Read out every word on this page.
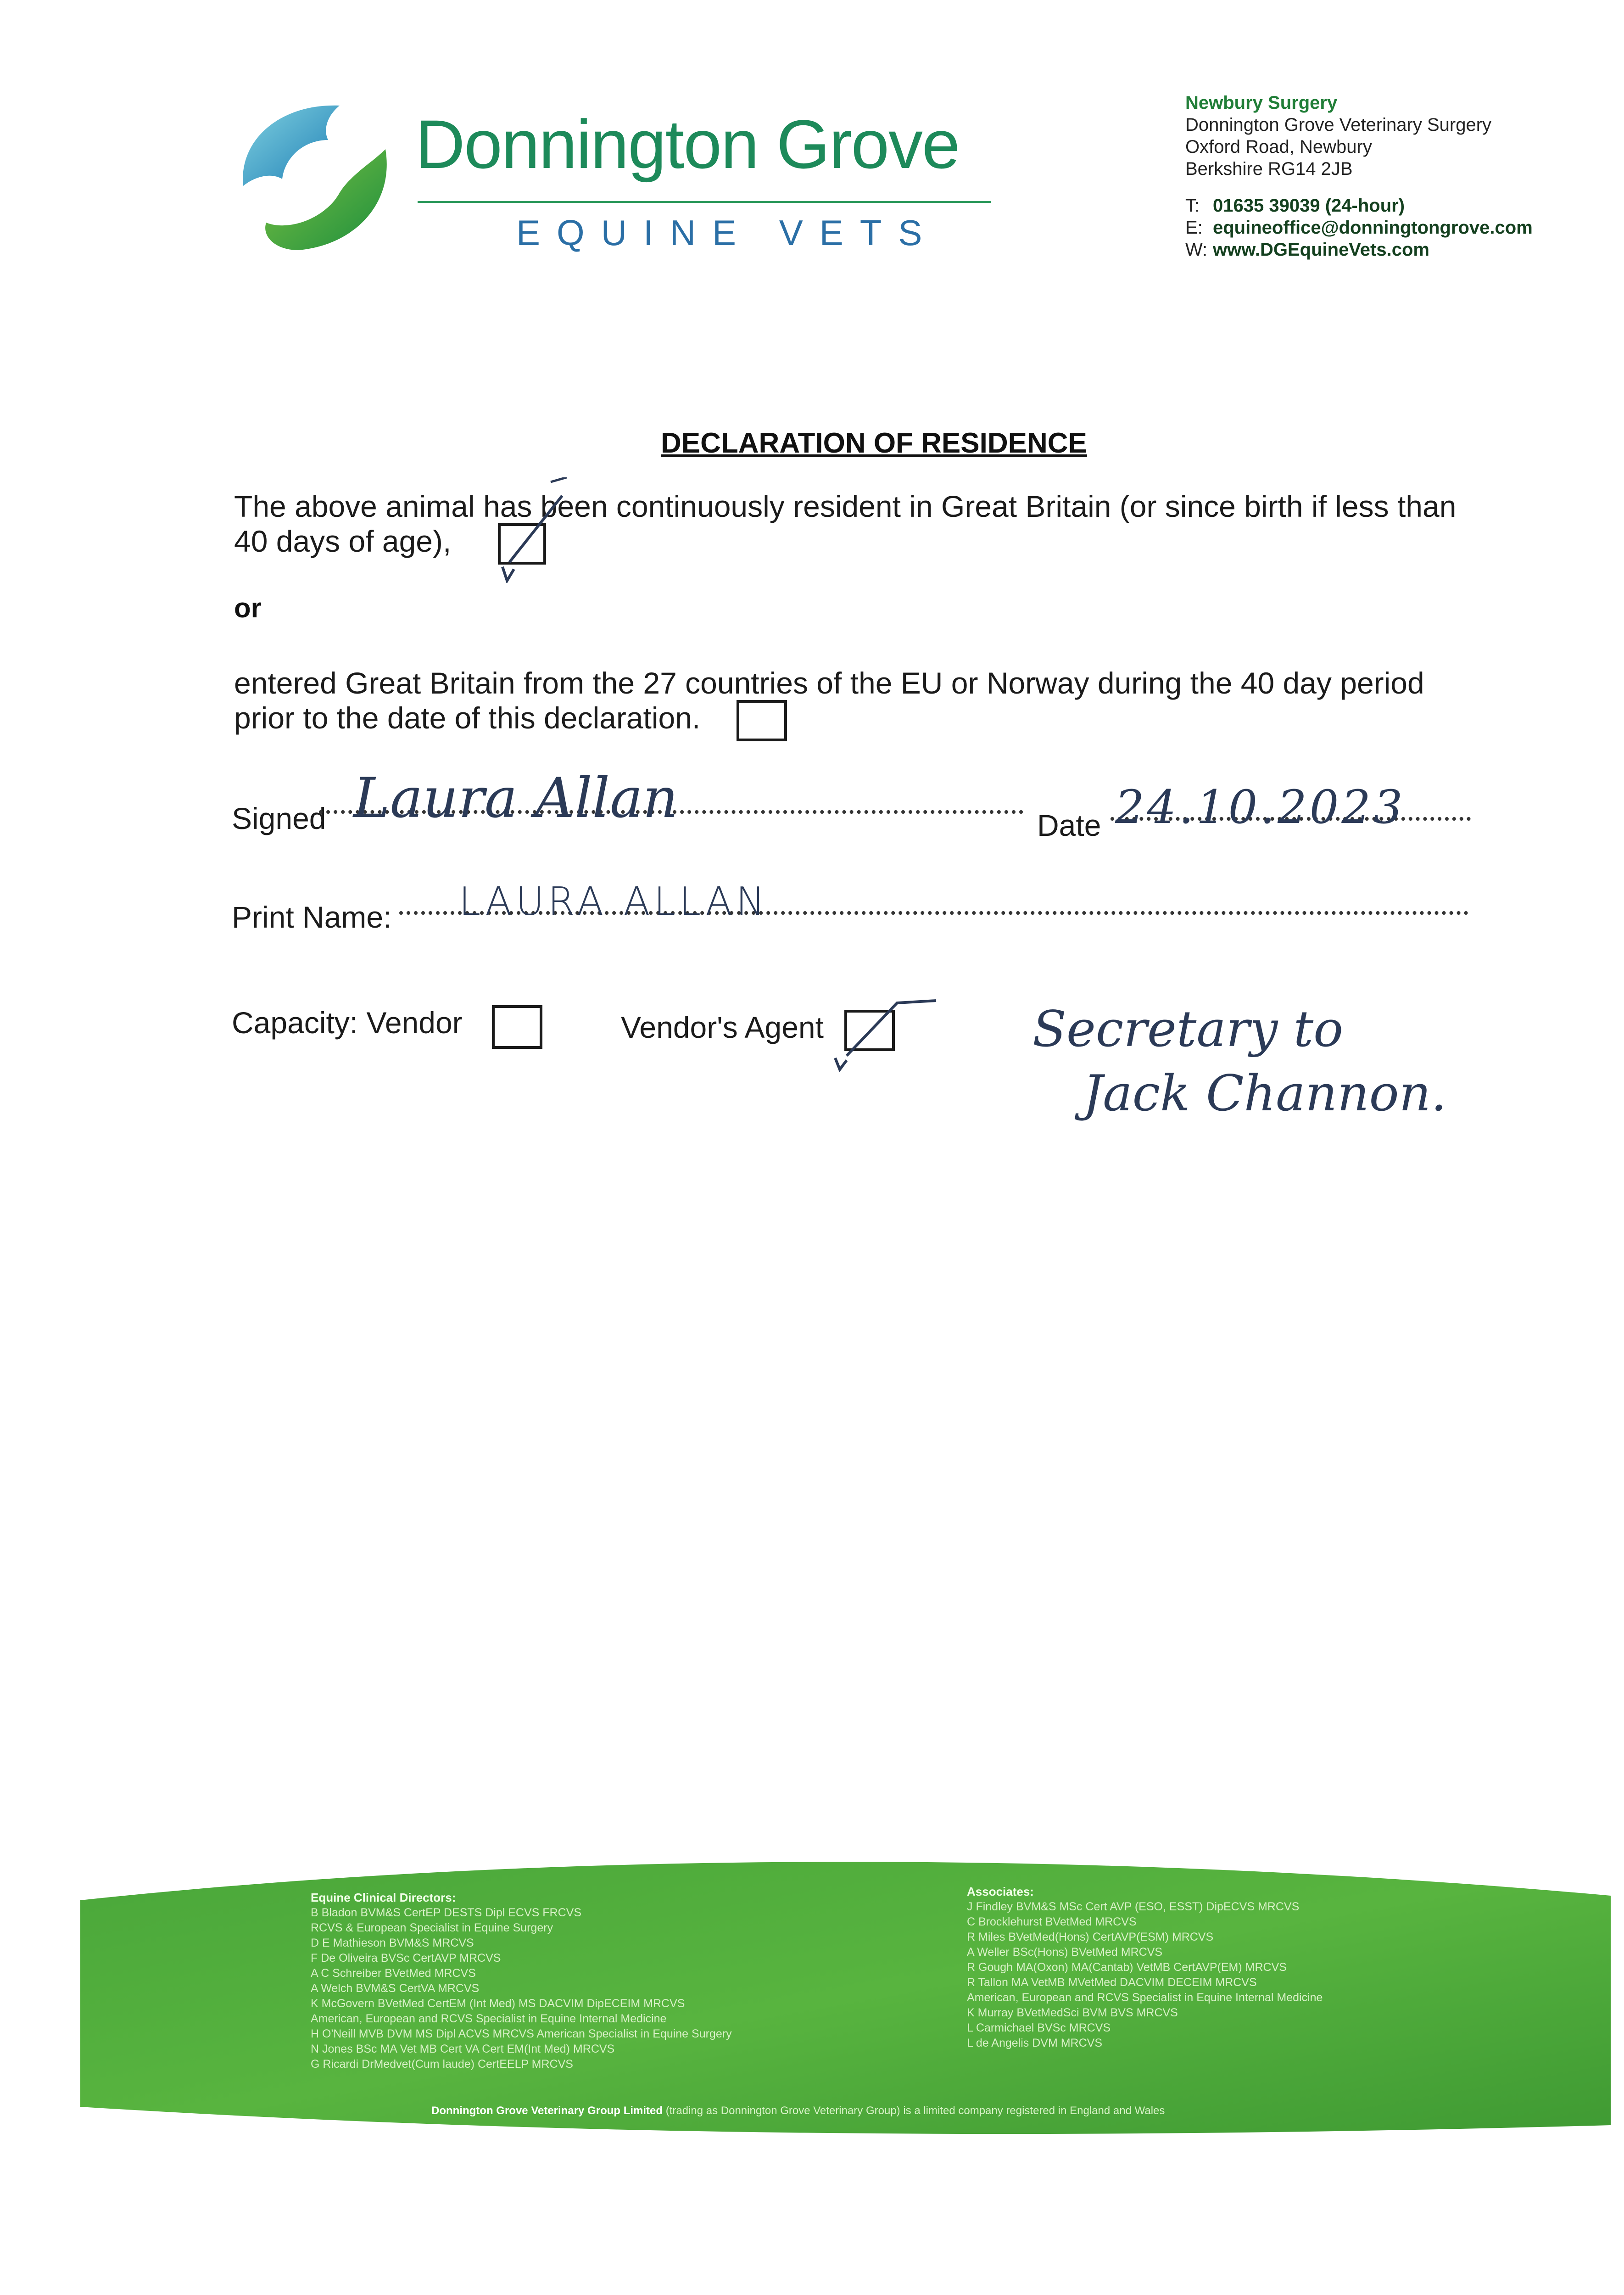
Donnington Grove
EQUINE VETS
Newbury Surgery
Donnington Grove Veterinary Surgery
Oxford Road, Newbury
Berkshire RG14 2JB
T: 01635 39039 (24-hour)
E: equineoffice@donningtongrove.com
W: www.DGEquineVets.com
DECLARATION OF RESIDENCE
The above animal has been continuously resident in Great Britain (or since birth if less than
40 days of age),
or
entered Great Britain from the 27 countries of the EU or Norway during the 40 day period
prior to the date of this declaration.
Signed Laura Allan	Date 24.10.2023
Print Name: LAURA ALLAN
Capacity: Vendor	Vendor's Agent	Secretary to
Jack Channon.
Equine Clinical Directors:
B Bladon BVM&S CertEP DESTS Dipl ECVS FRCVS
RCVS & European Specialist in Equine Surgery
D E Mathieson BVM&S MRCVS
F De Oliveira BVSc CertAVP MRCVS
A C Schreiber BVetMed MRCVS
A Welch BVM&S CertVA MRCVS
K McGovern BVetMed CertEM (Int Med) MS DACVIM DipECEIM MRCVS
American, European and RCVS Specialist in Equine Internal Medicine
H O'Neill MVB DVM MS Dipl ACVS MRCVS American Specialist in Equine Surgery
N Jones BSc MA Vet MB Cert VA Cert EM(Int Med) MRCVS
G Ricardi DrMedvet(Cum laude) CertEELP MRCVS
Associates:
J Findley BVM&S MSc Cert AVP (ESO, ESST) DipECVS MRCVS
C Brocklehurst BVetMed MRCVS
R Miles BVetMed(Hons) CertAVP(ESM) MRCVS
A Weller BSc(Hons) BVetMed MRCVS
R Gough MA(Oxon) MA(Cantab) VetMB CertAVP(EM) MRCVS
R Tallon MA VetMB MVetMed DACVIM DECEIM MRCVS
American, European and RCVS Specialist in Equine Internal Medicine
K Murray BVetMedSci BVM BVS MRCVS
L Carmichael BVSc MRCVS
L de Angelis DVM MRCVS
Donnington Grove Veterinary Group Limited (trading as Donnington Grove Veterinary Group) is a limited company registered in England and Wales
